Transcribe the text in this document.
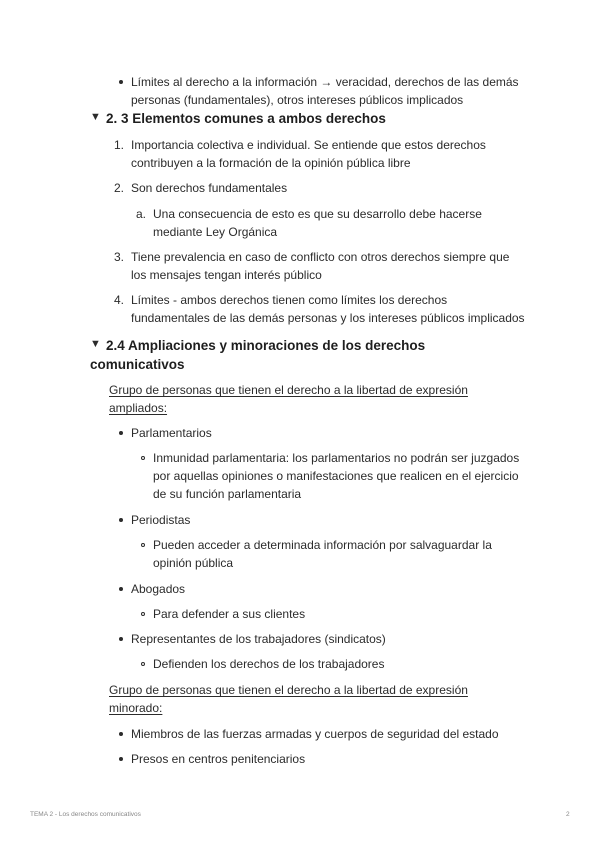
Límites al derecho a la información → veracidad, derechos de las demás
personas (fundamentales), otros intereses públicos implicados
▼ 2. 3 Elementos comunes a ambos derechos
1. Importancia colectiva e individual. Se entiende que estos derechos
contribuyen a la formación de la opinión pública libre
2. Son derechos fundamentales
a. Una consecuencia de esto es que su desarrollo debe hacerse
mediante Ley Orgánica
3. Tiene prevalencia en caso de conflicto con otros derechos siempre que
los mensajes tengan interés público
4. Límites - ambos derechos tienen como límites los derechos
fundamentales de las demás personas y los intereses públicos implicados
▼ 2.4 Ampliaciones y minoraciones de los derechos
comunicativos
Grupo de personas que tienen el derecho a la libertad de expresión
ampliados:
Parlamentarios
Inmunidad parlamentaria: los parlamentarios no podrán ser juzgados
por aquellas opiniones o manifestaciones que realicen en el ejercicio
de su función parlamentaria
Periodistas
Pueden acceder a determinada información por salvaguardar la
opinión pública
Abogados
Para defender a sus clientes
Representantes de los trabajadores (sindicatos)
Defienden los derechos de los trabajadores
Grupo de personas que tienen el derecho a la libertad de expresión
minorado:
Miembros de las fuerzas armadas y cuerpos de seguridad del estado
Presos en centros penitenciarios
TEMA 2 - Los derechos comunicativos	2
